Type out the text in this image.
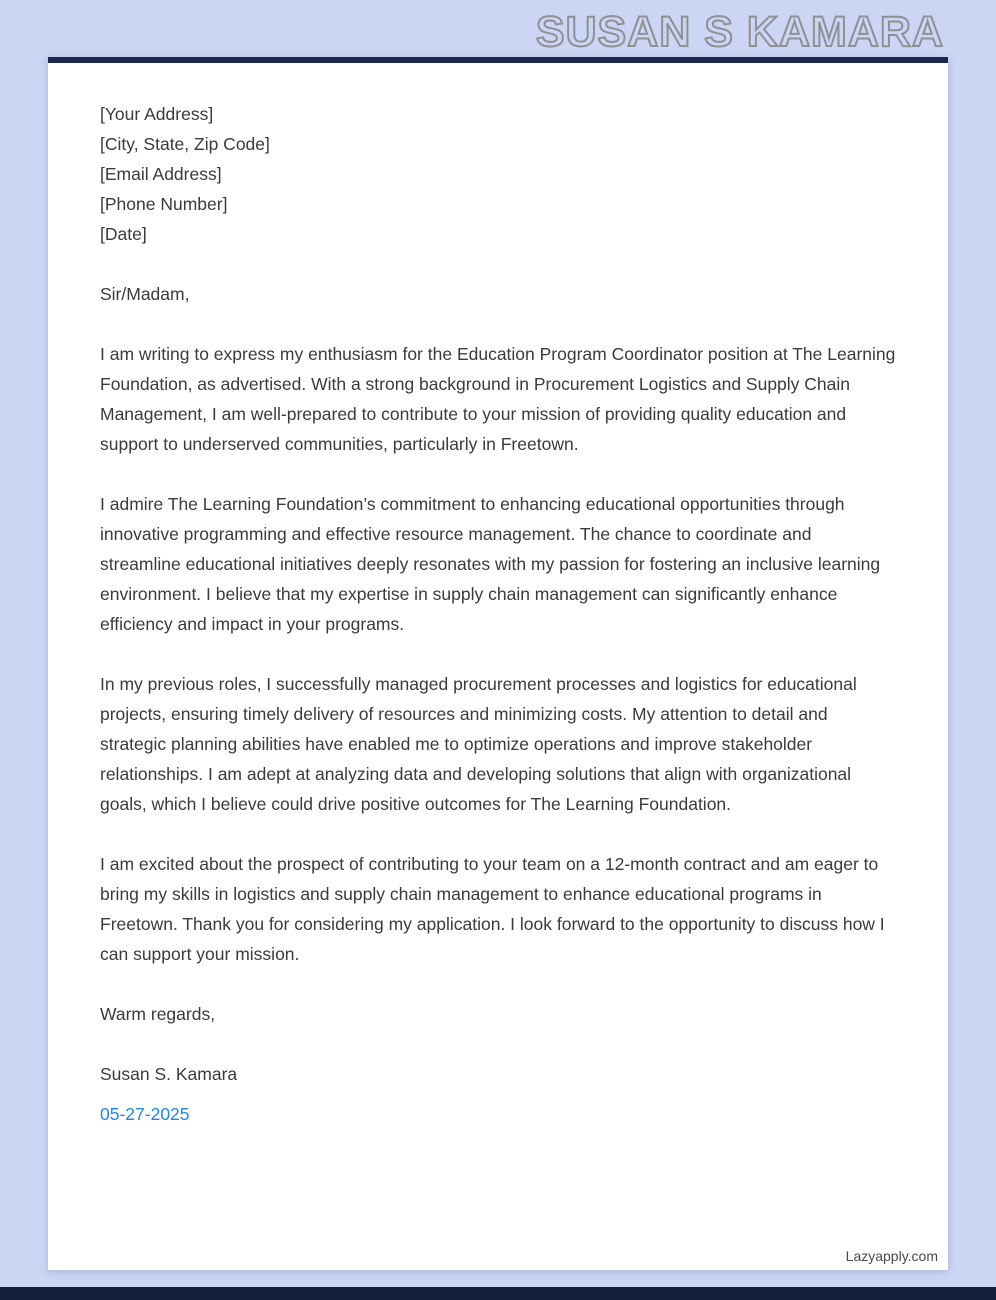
SUSAN S KAMARA
[Your Address]
[City, State, Zip Code]
[Email Address]
[Phone Number]
[Date]
Sir/Madam,

I am writing to express my enthusiasm for the Education Program Coordinator position at The Learning Foundation, as advertised. With a strong background in Procurement Logistics and Supply Chain Management, I am well-prepared to contribute to your mission of providing quality education and support to underserved communities, particularly in Freetown.

I admire The Learning Foundation’s commitment to enhancing educational opportunities through innovative programming and effective resource management. The chance to coordinate and streamline educational initiatives deeply resonates with my passion for fostering an inclusive learning environment. I believe that my expertise in supply chain management can significantly enhance efficiency and impact in your programs.

In my previous roles, I successfully managed procurement processes and logistics for educational projects, ensuring timely delivery of resources and minimizing costs. My attention to detail and strategic planning abilities have enabled me to optimize operations and improve stakeholder relationships. I am adept at analyzing data and developing solutions that align with organizational goals, which I believe could drive positive outcomes for The Learning Foundation.

I am excited about the prospect of contributing to your team on a 12-month contract and am eager to bring my skills in logistics and supply chain management to enhance educational programs in Freetown. Thank you for considering my application. I look forward to the opportunity to discuss how I can support your mission.

Warm regards,
Susan S. Kamara
05-27-2025
Lazyapply.com
